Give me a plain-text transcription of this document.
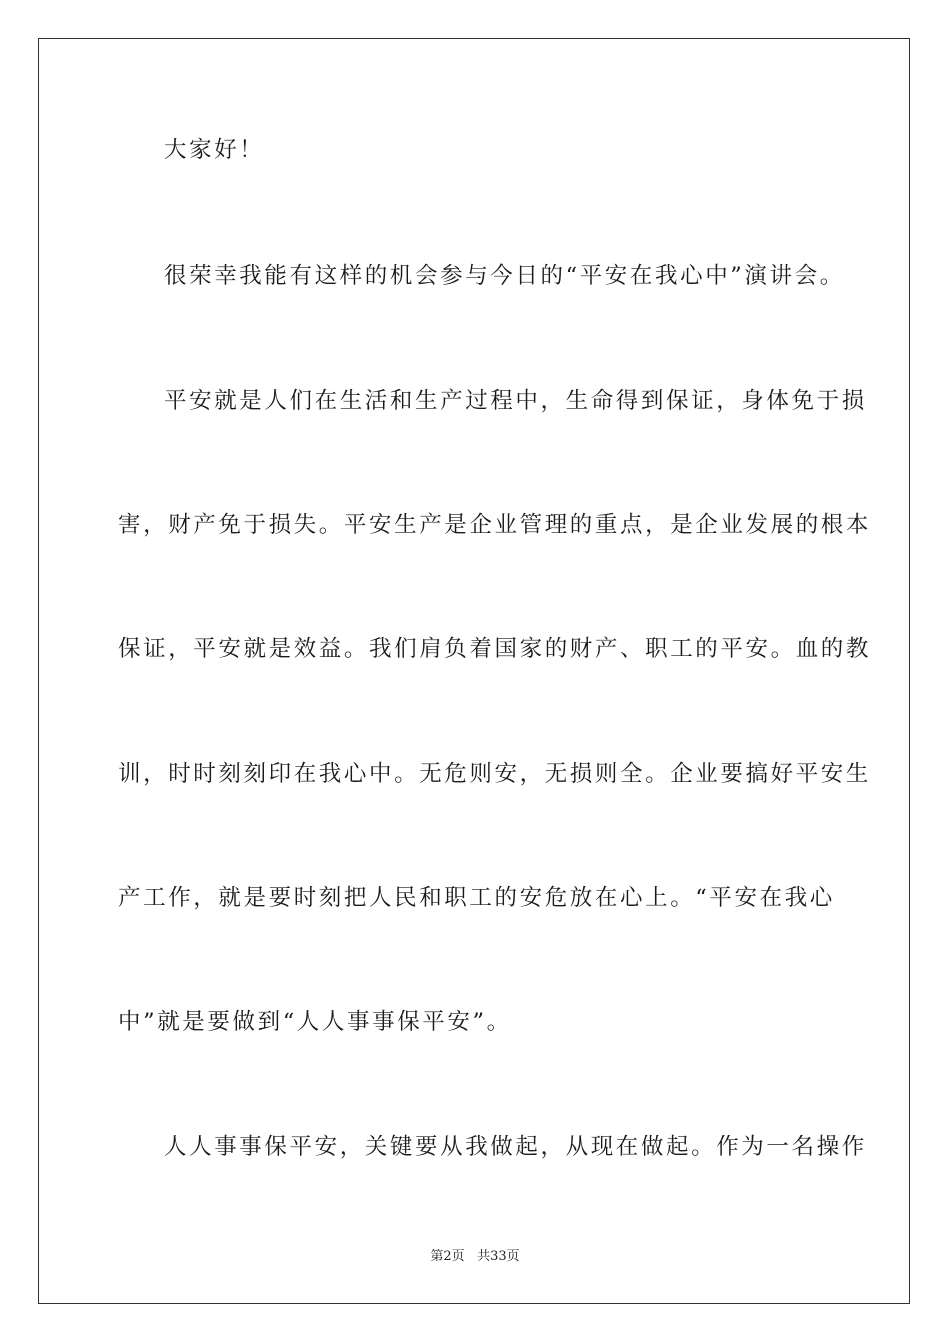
大家好！
很荣幸我能有这样的机会参与今日的“平安在我心中”演讲会。
平安就是人们在生活和生产过程中，生命得到保证，身体免于损
害，财产免于损失。平安生产是企业管理的重点，是企业发展的根本
保证，平安就是效益。我们肩负着国家的财产、职工的平安。血的教
训，时时刻刻印在我心中。无危则安，无损则全。企业要搞好平安生
产工作，就是要时刻把人民和职工的安危放在心上。“平安在我心
中”就是要做到“人人事事保平安”。
人人事事保平安，关键要从我做起，从现在做起。作为一名操作
第2页 共33页
